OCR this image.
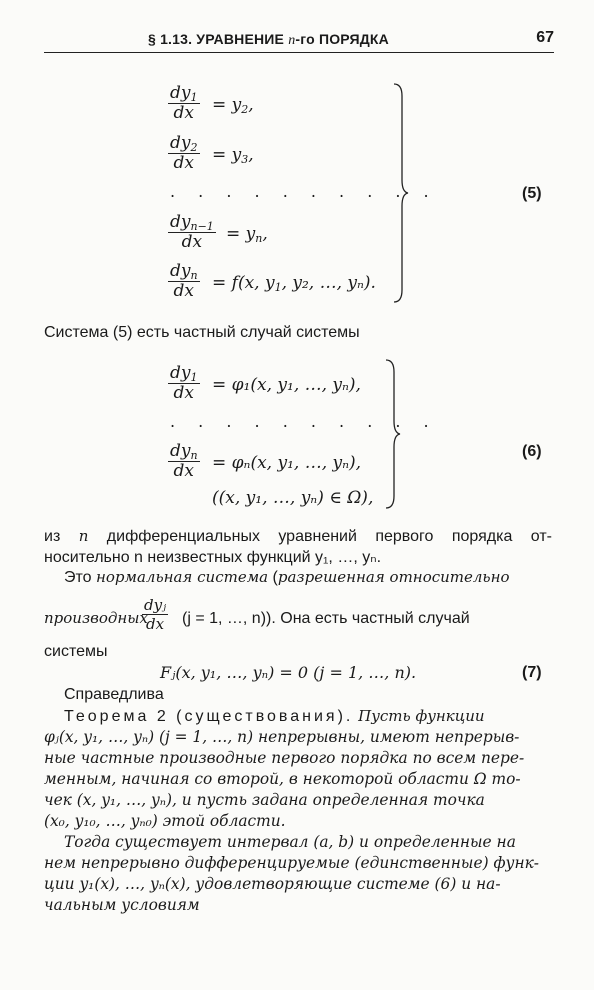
§ 1.13. УРАВНЕНИЕ n-го ПОРЯДКА	67
$dy_1$
dx	= $y_2$,
$dy_2$
dx	= $y_3$,
. . . . . . . . . .
$dy_{n-1}$
dx	= $y_n$,
$dy_n$
dx	= f(x, $y_1$, y₂, …, yₙ).
(5)
Система (5) есть частный случай системы
$dy_1$
dx	= φ₁(x, y₁, …, yₙ),
. . . . . . . . . .
$dy_n$
dx	= φₙ(x, y₁, …, yₙ),
((x, y₁, …, yₙ) ∈ Ω),
(6)
из n дифференциальных уравнений первого порядка от-
носительно n неизвестных функций y₁, …, yₙ.
Это нормальная система (разрешенная относительно
производных
dyⱼ
dx (j = 1, …, n)). Она есть частный случай
системы
Fⱼ(x, y₁, …, yₙ) = 0 (j = 1, …, n).	(7)
Справедлива
Теорема 2 (существования). Пусть функции
φⱼ(x, y₁, …, yₙ) (j = 1, …, n) непрерывны, имеют непрерыв-
ные частные производные первого порядка по всем пере-
менным, начиная со второй, в некоторой области Ω то-
чек (x, y₁, …, yₙ), и пусть задана определенная точка
(x₀, y₁₀, …, yₙ₀) этой области.
Тогда существует интервал (a, b) и определенные на
нем непрерывно дифференцируемые (единственные) функ-
ции y₁(x), …, yₙ(x), удовлетворяющие системе (6) и на-
чальным условиям
